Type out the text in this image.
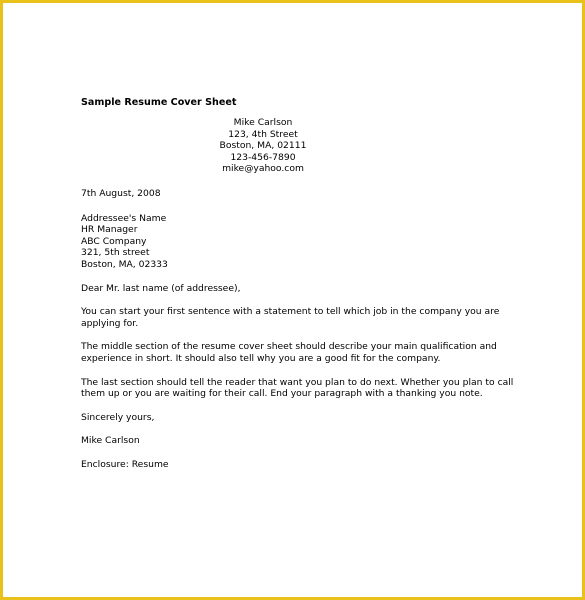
Sample Resume Cover Sheet
Mike Carlson
123, 4th Street
Boston, MA, 02111
123-456-7890
mike@yahoo.com
7th August, 2008
Addressee's Name
HR Manager
ABC Company
321, 5th street
Boston, MA, 02333
Dear Mr. last name (of addressee),
You can start your first sentence with a statement to tell which job in the company you are applying for.
The middle section of the resume cover sheet should describe your main qualification and experience in short. It should also tell why you are a good fit for the company.
The last section should tell the reader that want you plan to do next. Whether you plan to call them up or you are waiting for their call. End your paragraph with a thanking you note.
Sincerely yours,
Mike Carlson
Enclosure: Resume
